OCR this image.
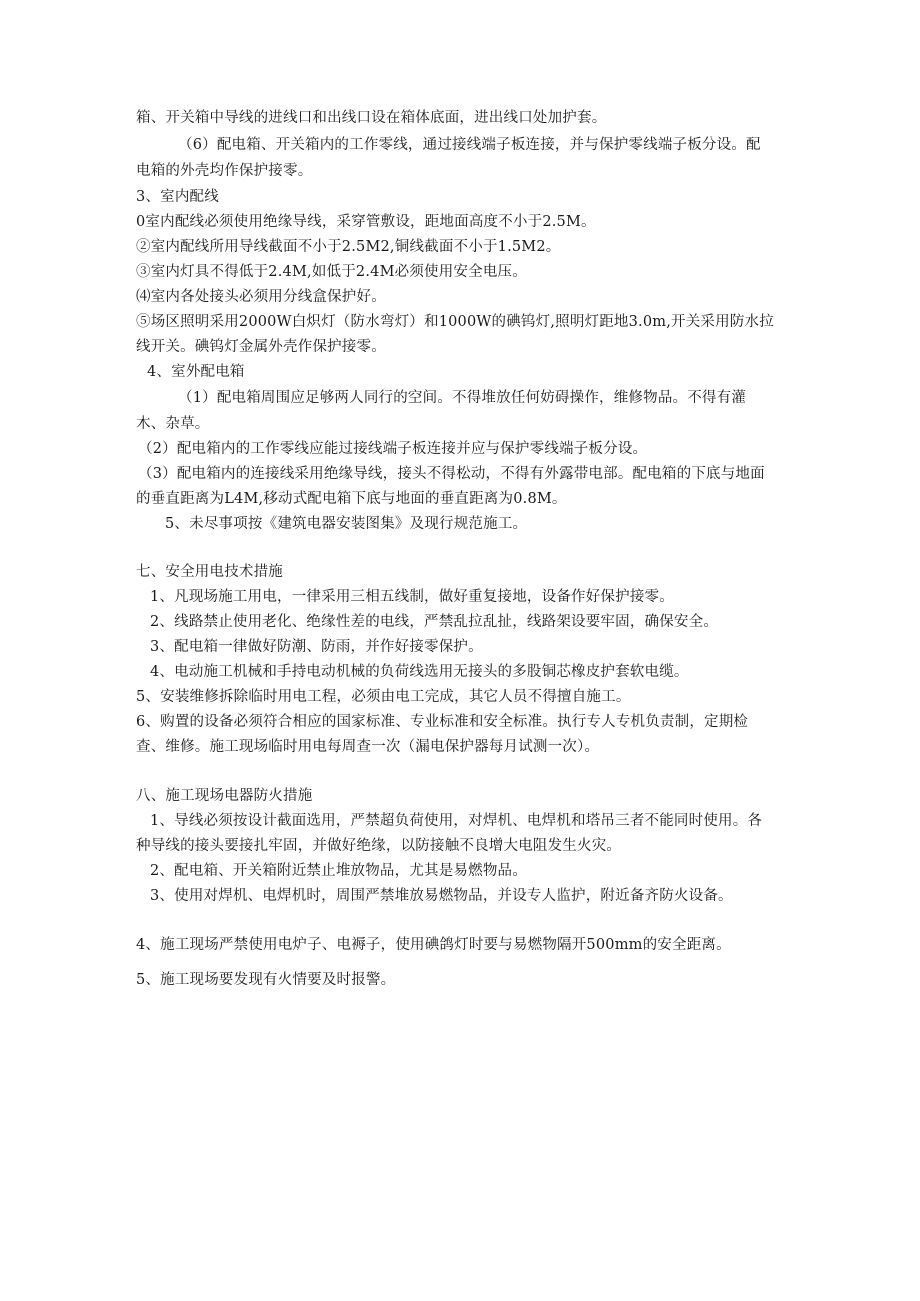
箱、开关箱中导线的进线口和出线口设在箱体底面，进出线口处加护套。
（6）配电箱、开关箱内的工作零线，通过接线端子板连接，并与保护零线端子板分设。配
电箱的外壳均作保护接零。
3、室内配线
0室内配线必须使用绝缘导线，采穿管敷设，距地面高度不小于2.5M。
②室内配线所用导线截面不小于2.5M2,铜线截面不小于1.5M2。
③室内灯具不得低于2.4M,如低于2.4M必须使用安全电压。
⑷室内各处接头必须用分线盒保护好。
⑤场区照明采用2000W白炽灯（防水弯灯）和1000W的碘钨灯,照明灯距地3.0m,开关采用防水拉
线开关。碘钨灯金属外壳作保护接零。
4、室外配电箱
（1）配电箱周围应足够两人同行的空间。不得堆放任何妨碍操作，维修物品。不得有灌
木、杂草。
（2）配电箱内的工作零线应能过接线端子板连接并应与保护零线端子板分设。
（3）配电箱内的连接线采用绝缘导线，接头不得松动，不得有外露带电部。配电箱的下底与地面
的垂直距离为L4M,移动式配电箱下底与地面的垂直距离为0.8M。
5、未尽事项按《建筑电器安装图集》及现行规范施工。
七、安全用电技术措施
1、凡现场施工用电，一律采用三相五线制，做好重复接地，设备作好保护接零。
2、线路禁止使用老化、绝缘性差的电线，严禁乱拉乱扯，线路架设要牢固，确保安全。
3、配电箱一律做好防潮、防雨，并作好接零保护。
4、电动施工机械和手持电动机械的负荷线选用无接头的多股铜芯橡皮护套软电缆。
5、安装维修拆除临时用电工程，必须由电工完成，其它人员不得擅自施工。
6、购置的设备必须符合相应的国家标准、专业标准和安全标准。执行专人专机负责制，定期检
查、维修。施工现场临时用电每周查一次（漏电保护器每月试测一次）。
八、施工现场电器防火措施
1、导线必须按设计截面选用，严禁超负荷使用，对焊机、电焊机和塔吊三者不能同时使用。各
种导线的接头要接扎牢固，并做好绝缘，以防接触不良增大电阻发生火灾。
2、配电箱、开关箱附近禁止堆放物品，尤其是易燃物品。
3、使用对焊机、电焊机时，周围严禁堆放易燃物品，并设专人监护，附近备齐防火设备。
4、施工现场严禁使用电炉子、电褥子，使用碘鸽灯时要与易燃物隔开500mm的安全距离。
5、施工现场要发现有火情要及时报警。
